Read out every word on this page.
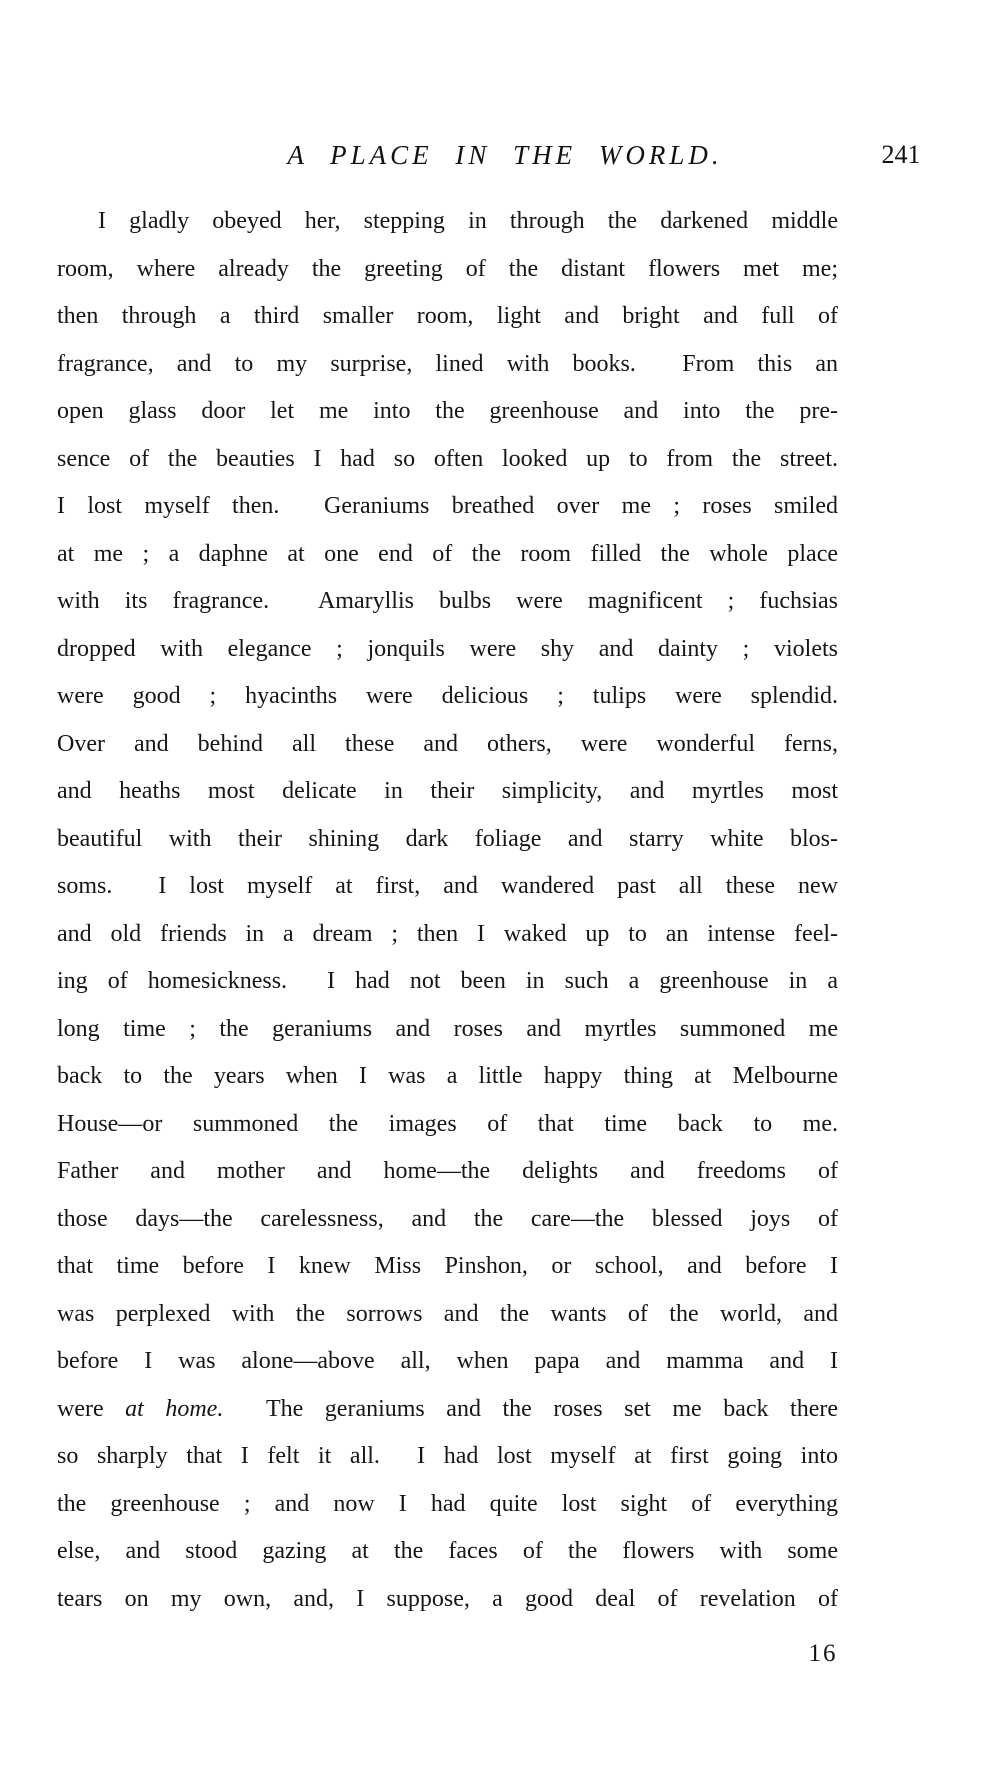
A PLACE IN THE WORLD.	241
I gladly obeyed her, stepping in through the darkened middle
room, where already the greeting of the distant flowers met me;
then through a third smaller room, light and bright and full of
fragrance, and to my surprise, lined with books.  From this an
open glass door let me into the greenhouse and into the pre-
sence of the beauties I had so often looked up to from the street.
I lost myself then.  Geraniums breathed over me ; roses smiled
at me ; a daphne at one end of the room filled the whole place
with its fragrance.  Amaryllis bulbs were magnificent ; fuchsias
dropped with elegance ; jonquils were shy and dainty ; violets
were good ; hyacinths were delicious ; tulips were splendid.
Over and behind all these and others, were wonderful ferns,
and heaths most delicate in their simplicity, and myrtles most
beautiful with their shining dark foliage and starry white blos-
soms.  I lost myself at first, and wandered past all these new
and old friends in a dream ; then I waked up to an intense feel-
ing of homesickness.  I had not been in such a greenhouse in a
long time ; the geraniums and roses and myrtles summoned me
back to the years when I was a little happy thing at Melbourne
House—or summoned the images of that time back to me.
Father and mother and home—the delights and freedoms of
those days—the carelessness, and the care—the blessed joys of
that time before I knew Miss Pinshon, or school, and before I
was perplexed with the sorrows and the wants of the world, and
before I was alone—above all, when papa and mamma and I
were at home.  The geraniums and the roses set me back there
so sharply that I felt it all.  I had lost myself at first going into
the greenhouse ; and now I had quite lost sight of everything
else, and stood gazing at the faces of the flowers with some
tears on my own, and, I suppose, a good deal of revelation of
16
